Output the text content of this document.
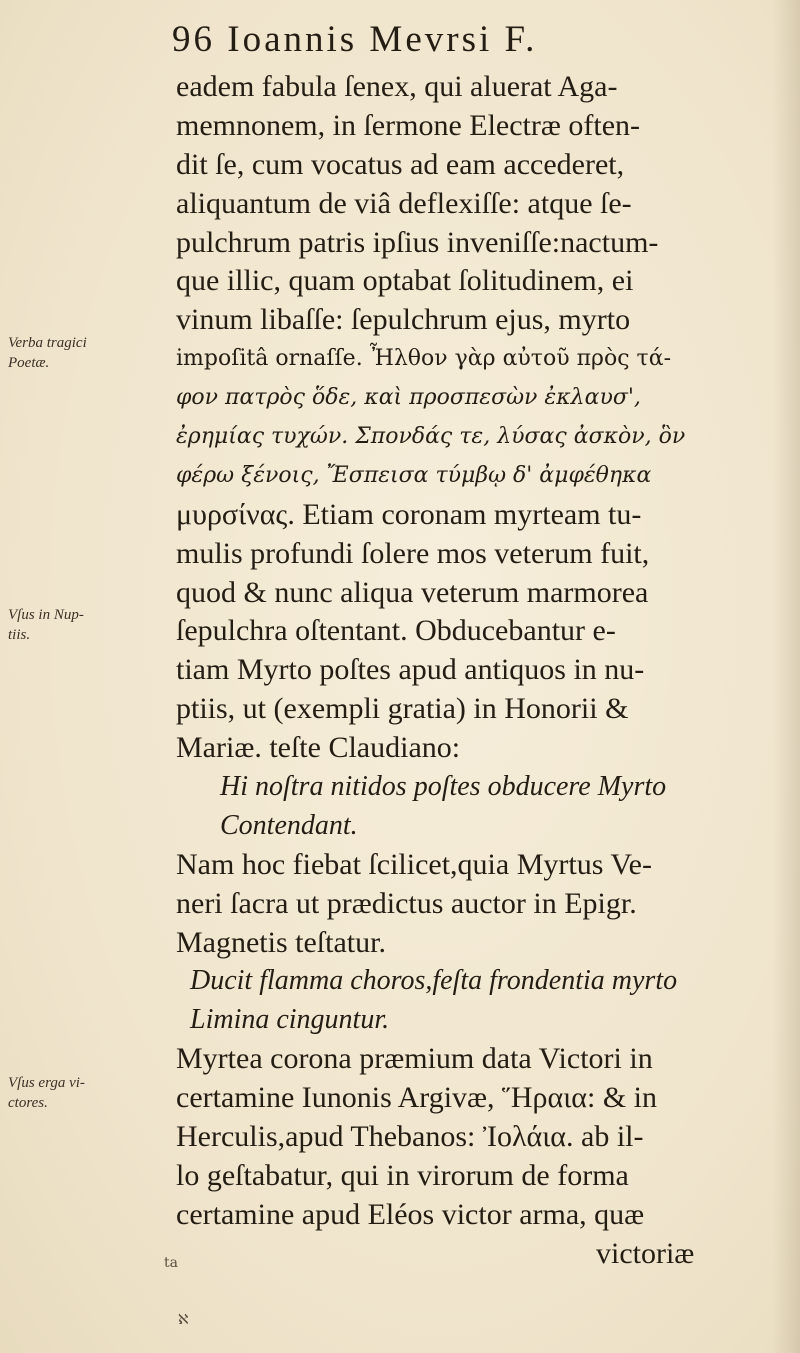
96 Ioannis Mevrsi F.
Verba tragici
Poetæ.
Vſus in Nup-
tiis.
Vſus erga vi-
ctores.
eadem fabula ſenex, qui aluerat Aga-
memnonem, in ſermone Electræ often-
dit ſe, cum vocatus ad eam accederet,
aliquantum de viâ deflexiſſe: atque ſe-
pulchrum patris ipſius inveniſſe:nactum-
que illic, quam optabat ſolitudinem, ei
vinum libaſſe: ſepulchrum ejus, myrto
impoſitâ ornaſſe. Ἦλθον γὰρ αὐτοῦ πρὸς τά-
φον πατρὸς ὅδε, καὶ προσπεσὼν ἐκλαυσ',
ἐρημίας τυχών. Σπονδάς τε, λύσας ἀσκὸν, ὃν
φέρω ξένοις, Ἔσπεισα τύμβῳ δ' ἀμφέθηκα
μυρσίνας. Etiam coronam myrteam tu-
mulis profundi ſolere mos veterum fuit,
quod & nunc aliqua veterum marmorea
ſepulchra oſtentant. Obducebantur e-
tiam Myrto poſtes apud antiquos in nu-
ptiis, ut (exempli gratia) in Honorii &
Mariæ. teſte Claudiano:
Hi noſtra nitidos poſtes obducere Myrto
Contendant.
Nam hoc fiebat ſcilicet,quia Myrtus Ve-
neri ſacra ut prædictus auctor in Epigr.
Magnetis teſtatur.
Ducit flamma choros,feſta frondentia myrto
Limina cinguntur.
Myrtea corona præmium data Victori in
certamine Iunonis Argivæ, Ἥραια: & in
Herculis,apud Thebanos: Ἰολάια. ab il-
lo geſtabatur, qui in virorum de forma
certamine apud Eléos victor arma, quæ
victoriæ
ta
ℵ
